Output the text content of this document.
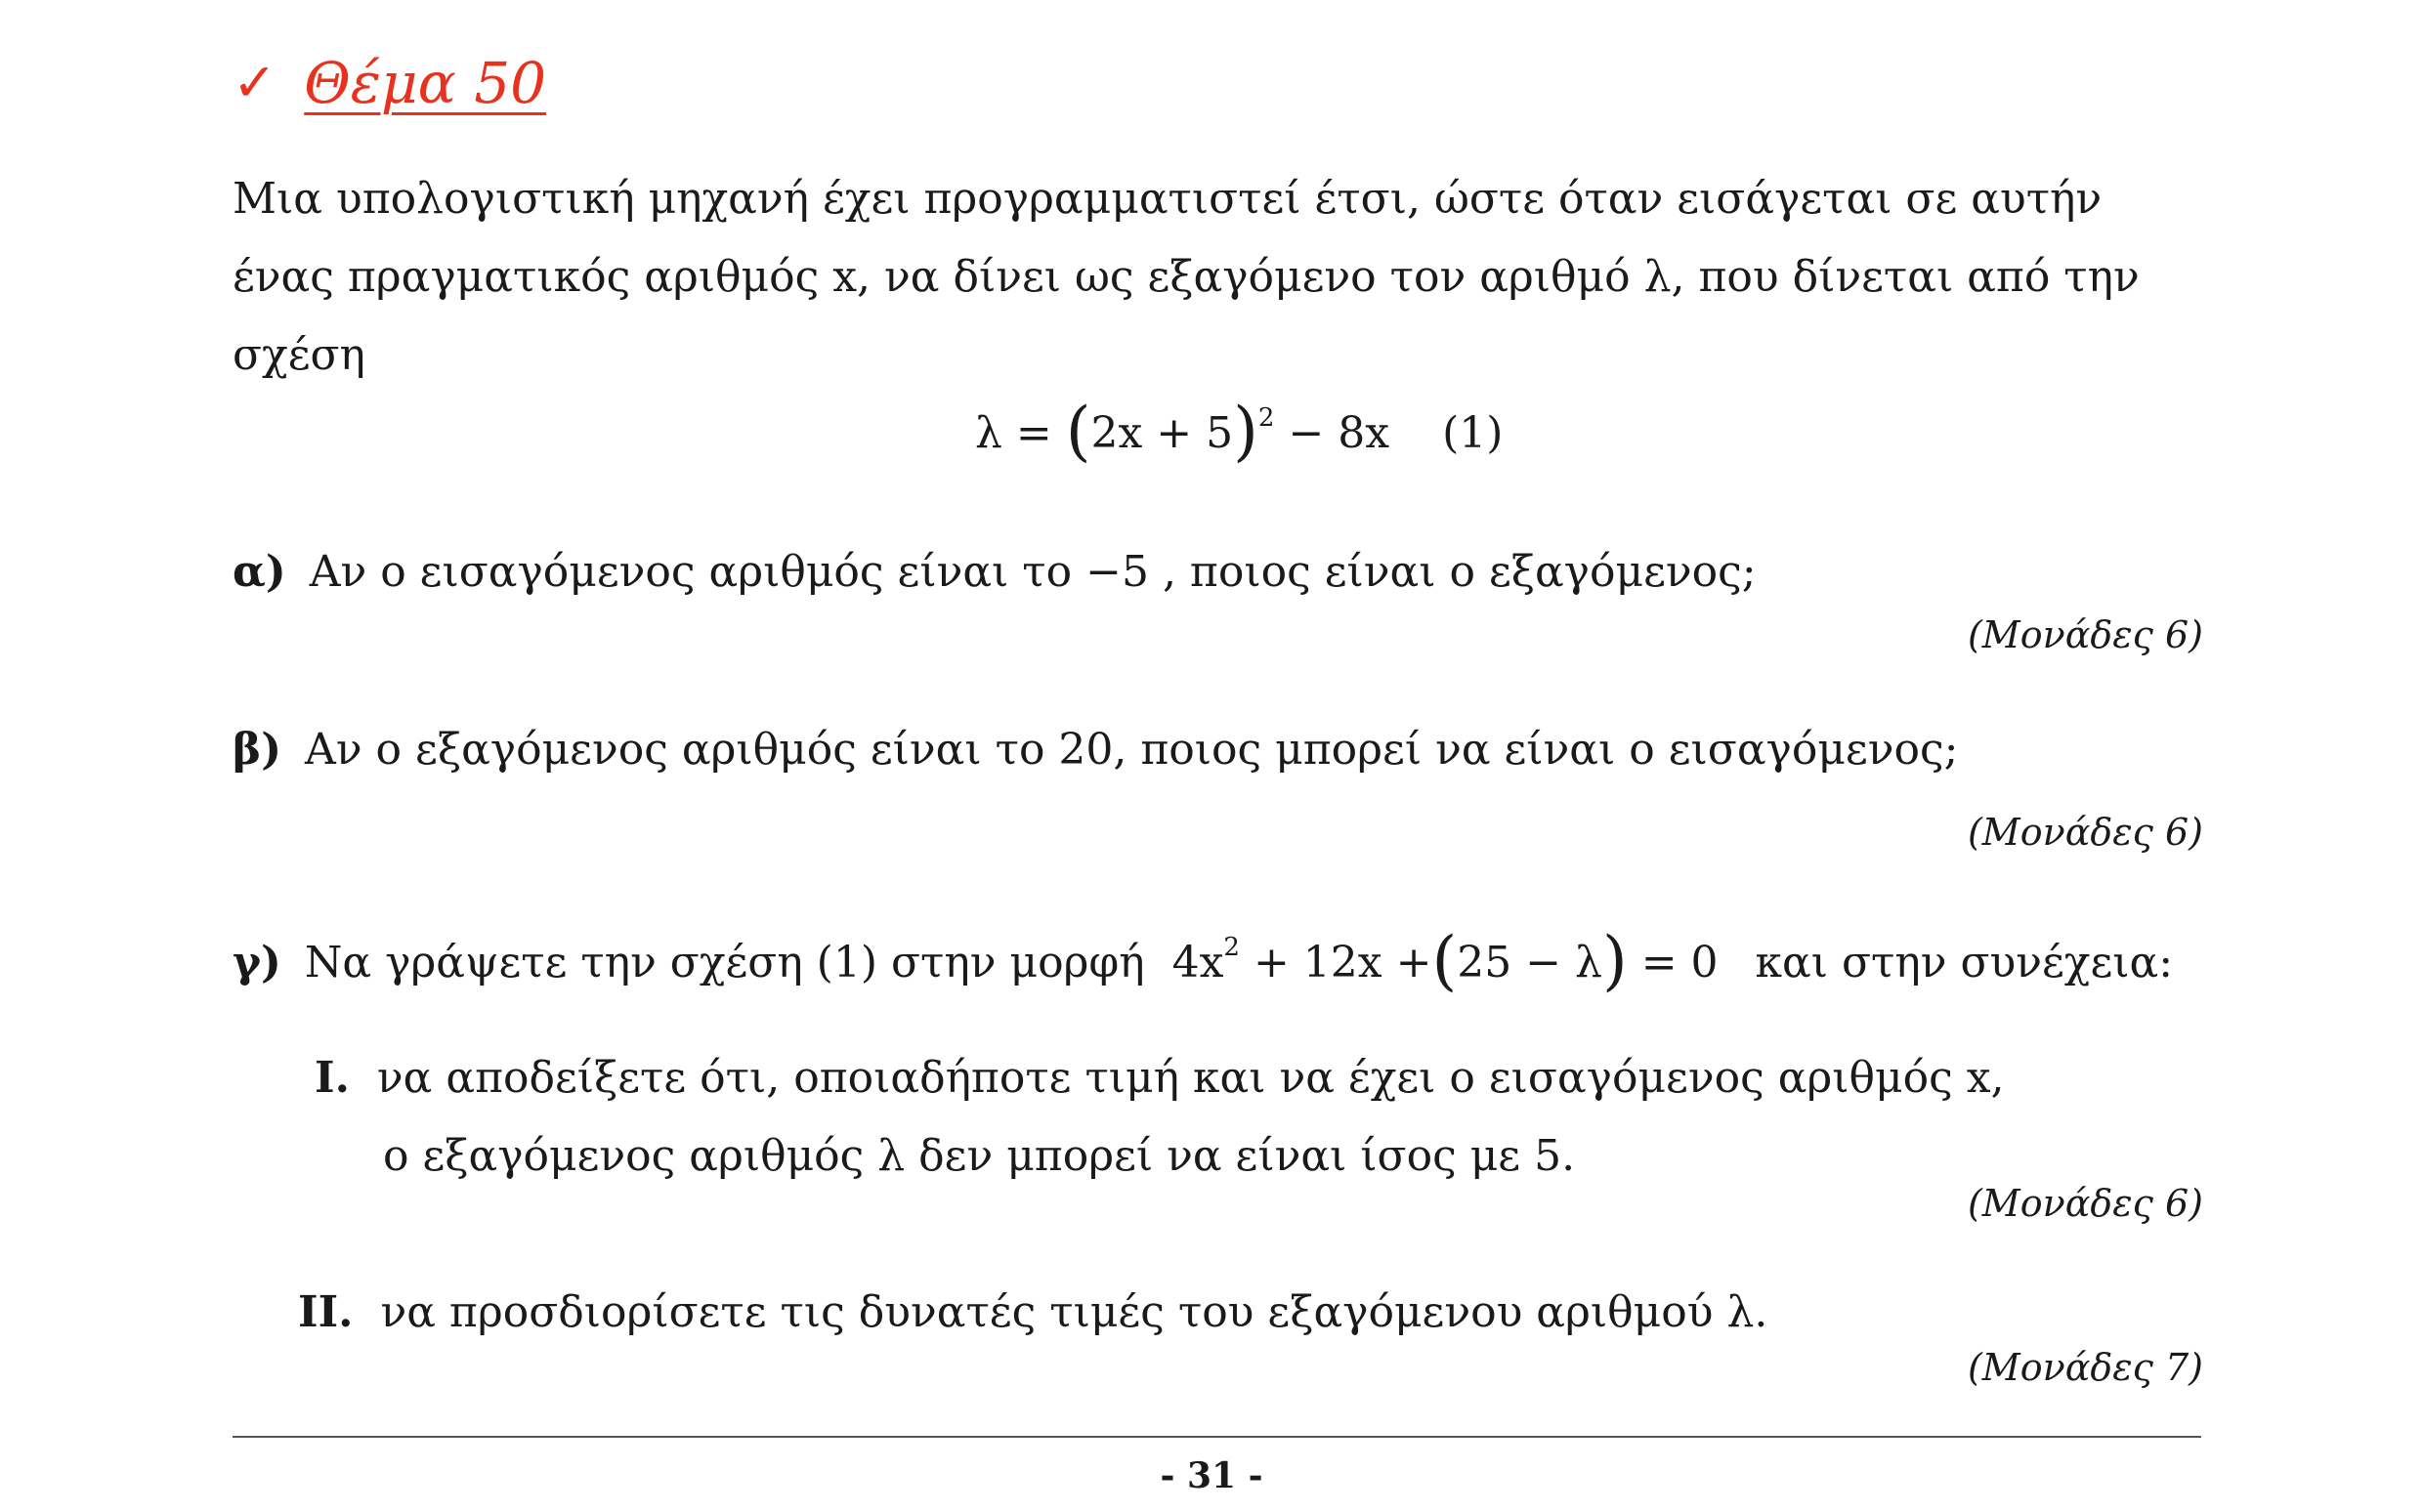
✓ Θέμα 50
Μια υπολογιστική μηχανή έχει προγραμματιστεί έτσι, ώστε όταν εισάγεται σε αυτήν
ένας πραγματικός αριθμός x, να δίνει ως εξαγόμενο τον αριθμό λ, που δίνεται από την
σχέση
$\lambda = (2x + 5)^2 - 8x$ (1)
α) Αν ο εισαγόμενος αριθμός είναι το −5 , ποιος είναι ο εξαγόμενος;
(Μονάδες 6)
β) Αν ο εξαγόμενος αριθμός είναι το 20, ποιος μπορεί να είναι ο εισαγόμενος;
(Μονάδες 6)
γ) Να γράψετε την σχέση (1) στην μορφή $4x^2 + 12x +(25 - \lambda) = 0$ και στην συνέχεια:
I. να αποδείξετε ότι, οποιαδήποτε τιμή και να έχει ο εισαγόμενος αριθμός x,
ο εξαγόμενος αριθμός λ δεν μπορεί να είναι ίσος με 5.
(Μονάδες 6)
II. να προσδιορίσετε τις δυνατές τιμές του εξαγόμενου αριθμού λ.
(Μονάδες 7)
- 31 -
